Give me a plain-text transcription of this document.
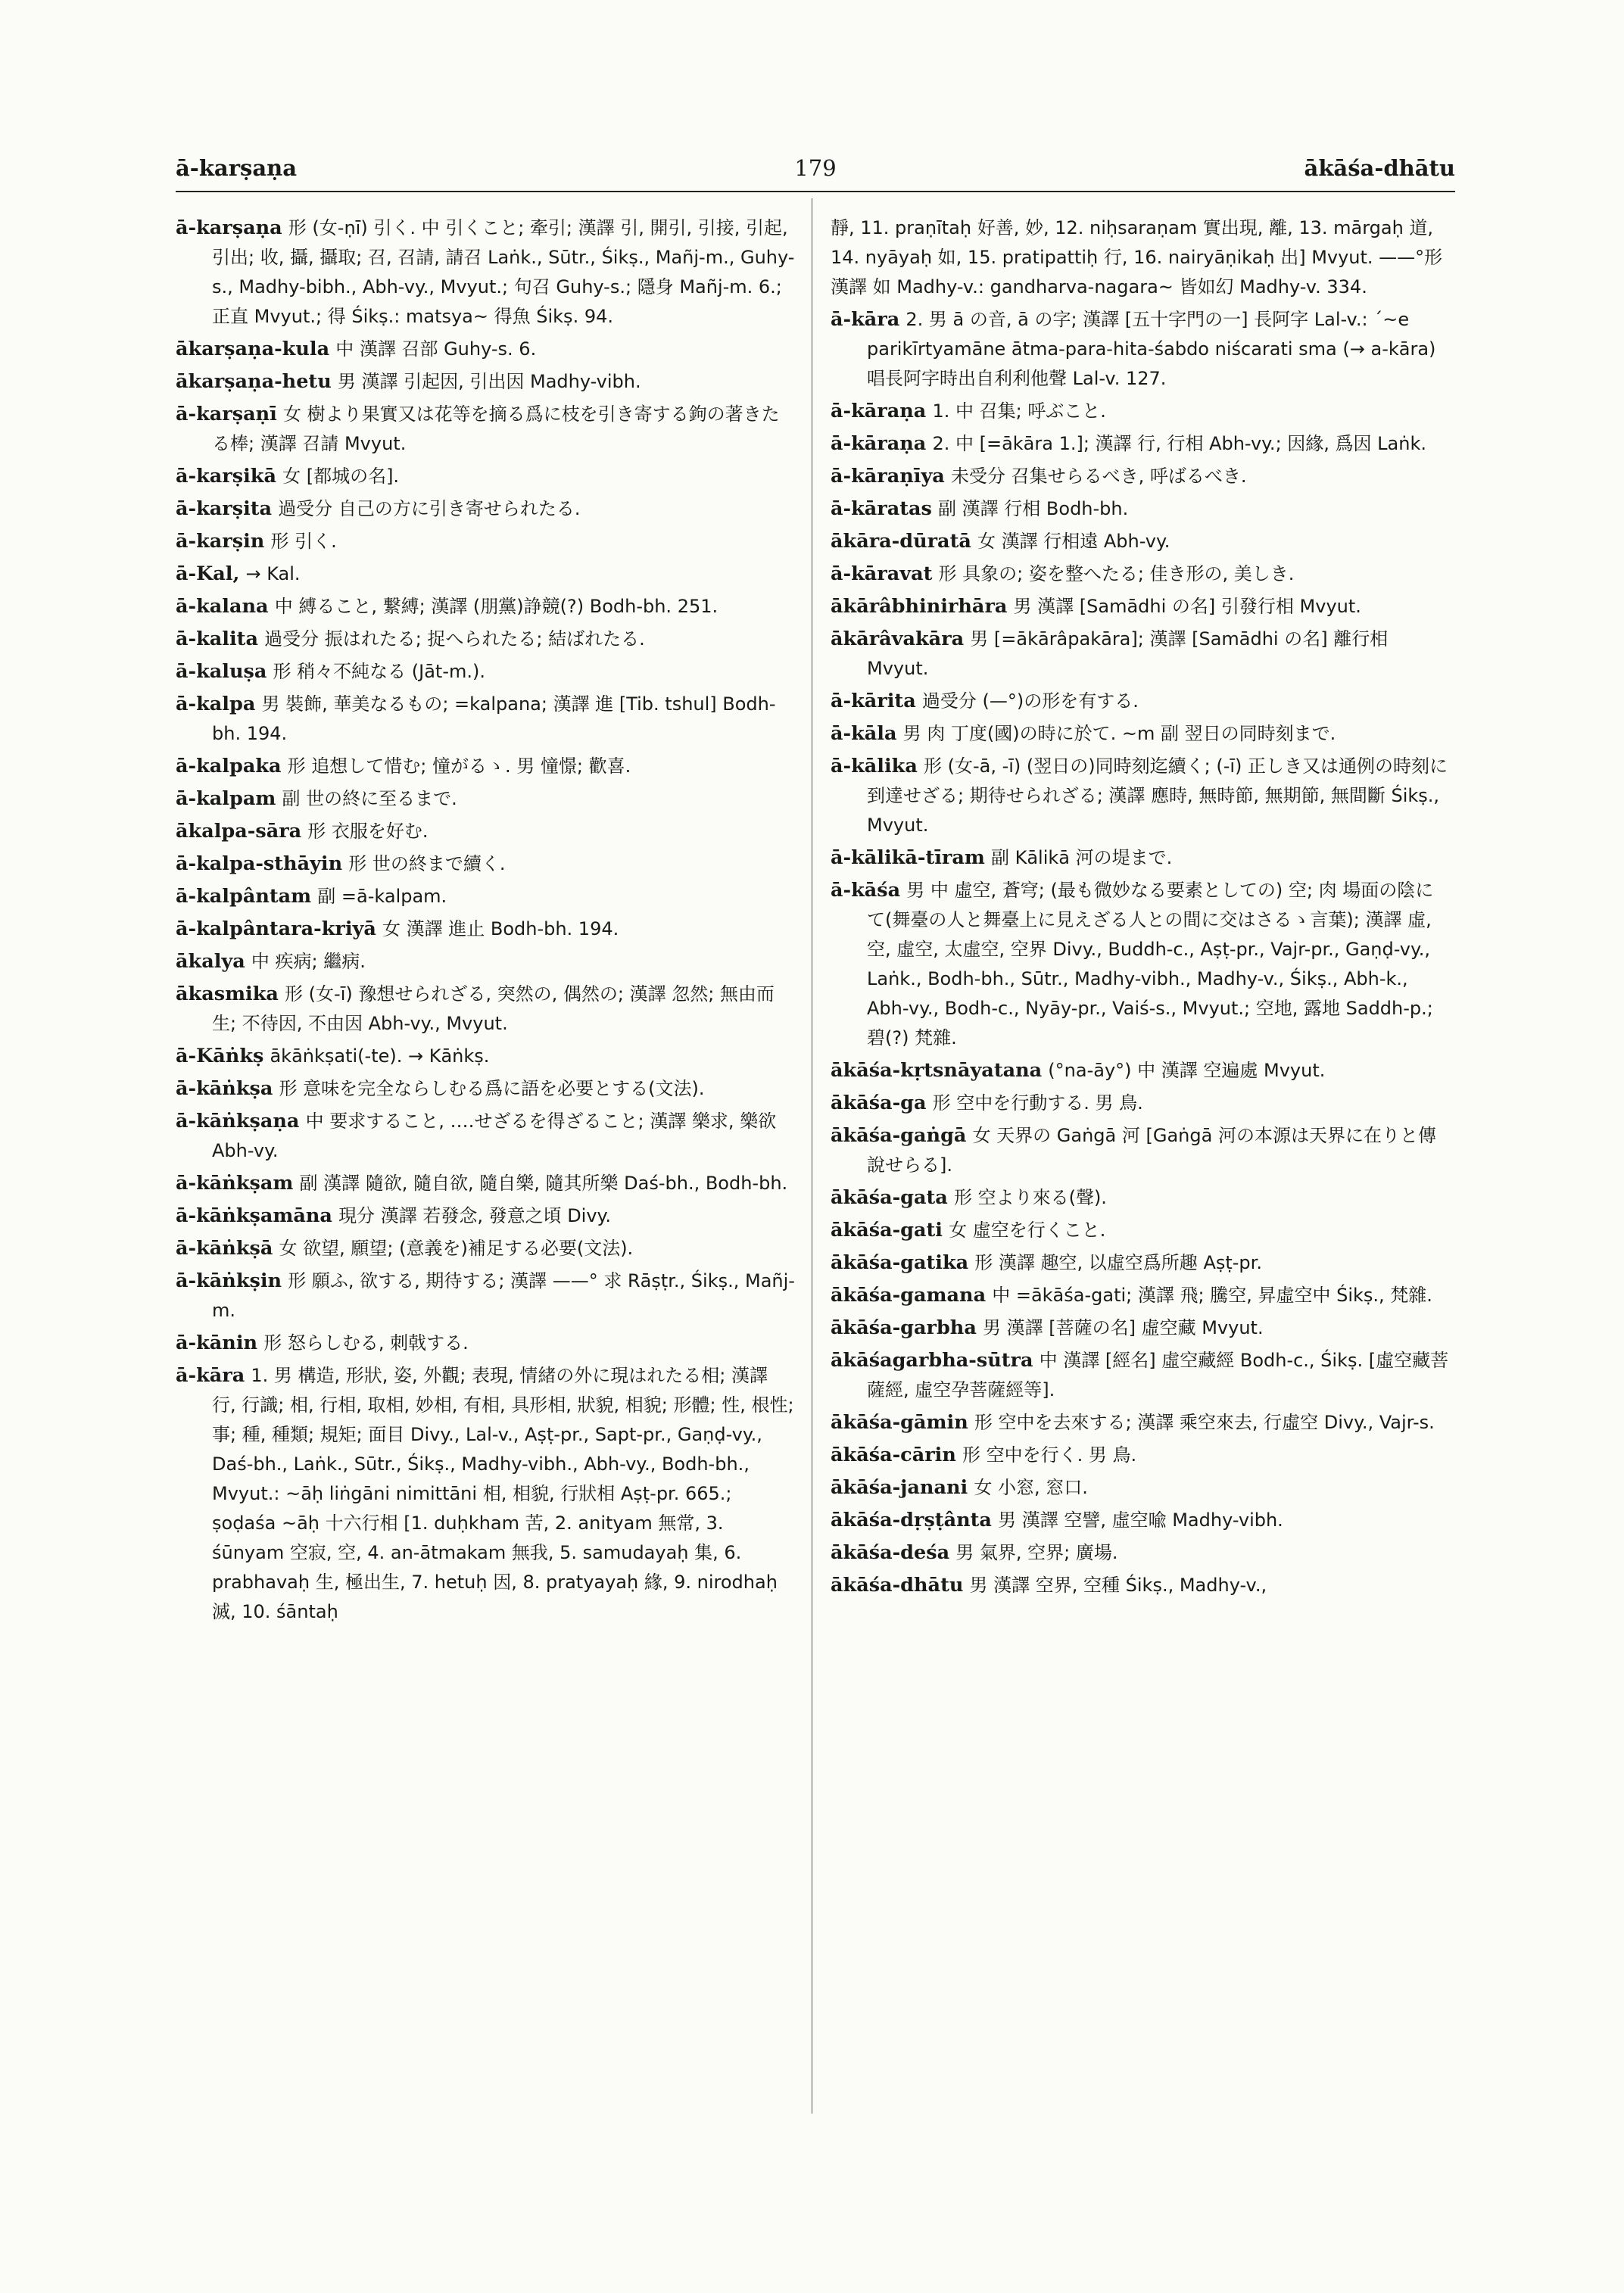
ā-karṣaṇa	179	ākāśa-dhātu

ā-karṣaṇa 形 (女-ṇī) 引く. 中 引くこと; 牽引; 漢譯 引, 開引, 引接, 引起, 引出; 收, 攝, 攝取; 召, 召請, 請召 Laṅk., Sūtr., Śikṣ., Mañj-m., Guhy-s., Madhy-bibh., Abh-vy., Mvyut.; 句召 Guhy-s.; 隱身 Mañj-m. 6.; 正直 Mvyut.; 得 Śikṣ.: matsya~ 得魚 Śikṣ. 94.

ākarṣaṇa-kula 中 漢譯 召部 Guhy-s. 6.

ākarṣaṇa-hetu 男 漢譯 引起因, 引出因 Madhy-vibh.

ā-karṣaṇī 女 樹より果實又は花等を摘る爲に枝を引き寄する鉤の著きたる棒; 漢譯 召請 Mvyut.

ā-karṣikā 女 [都城の名].

ā-karṣita 過受分 自己の方に引き寄せられたる.

ā-karṣin 形 引く.

ā-Kal, → Kal.

ā-kalana 中 縛ること, 繋縛; 漢譯 (朋黨)諍競(?) Bodh-bh. 251.

ā-kalita 過受分 振はれたる; 捉へられたる; 結ばれたる.

ā-kaluṣa 形 稍々不純なる (Jāt-m.).

ā-kalpa 男 裝飾, 華美なるもの; =kalpana; 漢譯 進 [Tib. tshul] Bodh-bh. 194.

ā-kalpaka 形 追想して惜む; 憧がるゝ. 男 憧憬; 歡喜.

ā-kalpam 副 世の終に至るまで.

ākalpa-sāra 形 衣服を好む.

ā-kalpa-sthāyin 形 世の終まで續く.

ā-kalpântam 副 =ā-kalpam.

ā-kalpântara-kriyā 女 漢譯 進止 Bodh-bh. 194.

ākalya 中 疾病; 繼病.

ākasmika 形 (女-ī) 豫想せられざる, 突然の, 偶然の; 漢譯 忽然; 無由而生; 不待因, 不由因 Abh-vy., Mvyut.

ā-Kāṅkṣ ākāṅkṣati(-te). → Kāṅkṣ.

ā-kāṅkṣa 形 意味を完全ならしむる爲に語を必要とする(文法).

ā-kāṅkṣaṇa 中 要求すること, ‥‥せざるを得ざること; 漢譯 樂求, 樂欲 Abh-vy.

ā-kāṅkṣam 副 漢譯 隨欲, 隨自欲, 隨自樂, 隨其所樂 Daś-bh., Bodh-bh.

ā-kāṅkṣamāna 現分 漢譯 若發念, 發意之頃 Divy.

ā-kāṅkṣā 女 欲望, 願望; (意義を)補足する必要(文法).

ā-kāṅkṣin 形 願ふ, 欲する, 期待する; 漢譯 ——° 求 Rāṣṭr., Śikṣ., Mañj-m.

ā-kānin 形 怒らしむる, 刺戟する.

ā-kāra 1. 男 構造, 形狀, 姿, 外觀; 表現, 情緒の外に現はれたる相; 漢譯 行, 行識; 相, 行相, 取相, 妙相, 有相, 具形相, 狀貌, 相貌; 形體; 性, 根性; 事; 種, 種類; 規矩; 面目 Divy., Lal-v., Aṣṭ-pr., Sapt-pr., Gaṇḍ-vy., Daś-bh., Laṅk., Sūtr., Śikṣ., Madhy-vibh., Abh-vy., Bodh-bh., Mvyut.: ~āḥ liṅgāni nimittāni 相, 相貌, 行狀相 Aṣṭ-pr. 665.; ṣoḍaśa ~āḥ 十六行相 [1. duḥkham 苦, 2. anityam 無常, 3. śūnyam 空寂, 空, 4. an-ātmakam 無我, 5. samudayaḥ 集, 6. prabhavaḥ 生, 極出生, 7. hetuḥ 因, 8. pratyayaḥ 緣, 9. nirodhaḥ 滅, 10. śāntaḥ

靜, 11. praṇītaḥ 好善, 妙, 12. niḥsaraṇam 實出現, 離, 13. mārgaḥ 道, 14. nyāyaḥ 如, 15. pratipattiḥ 行, 16. nairyāṇikaḥ 出] Mvyut. ——°形 漢譯 如 Madhy-v.: gandharva-nagara~ 皆如幻 Madhy-v. 334.

ā-kāra 2. 男 ā の音, ā の字; 漢譯 [五十字門の一] 長阿字 Lal-v.: ´~e parikīrtyamāne ātma-para-hita-śabdo niścarati sma (→ a-kāra) 唱長阿字時出自利利他聲 Lal-v. 127.

ā-kāraṇa 1. 中 召集; 呼ぶこと.

ā-kāraṇa 2. 中 [=ākāra 1.]; 漢譯 行, 行相 Abh-vy.; 因緣, 爲因 Laṅk.

ā-kāraṇīya 未受分 召集せらるべき, 呼ばるべき.

ā-kāratas 副 漢譯 行相 Bodh-bh.

ākāra-dūratā 女 漢譯 行相遠 Abh-vy.

ā-kāravat 形 具象の; 姿を整へたる; 佳き形の, 美しき.

ākārâbhinirhāra 男 漢譯 [Samādhi の名] 引發行相 Mvyut.

ākārâvakāra 男 [=ākārâpakāra]; 漢譯 [Samādhi の名] 離行相 Mvyut.

ā-kārita 過受分 (—°)の形を有する.

ā-kāla 男 肉 丁度(國)の時に於て. ~m 副 翌日の同時刻まで.

ā-kālika 形 (女-ā, -ī) (翌日の)同時刻迄續く; (-ī) 正しき又は通例の時刻に到達せざる; 期待せられざる; 漢譯 應時, 無時節, 無期節, 無間斷 Śikṣ., Mvyut.

ā-kālikā-tīram 副 Kālikā 河の堤まで.

ā-kāśa 男 中 虛空, 蒼穹; (最も微妙なる要素としての) 空; 肉 場面の陰にて(舞臺の人と舞臺上に見えざる人との間に交はさるゝ言葉); 漢譯 虛, 空, 虛空, 太虛空, 空界 Divy., Buddh-c., Aṣṭ-pr., Vajr-pr., Gaṇḍ-vy., Laṅk., Bodh-bh., Sūtr., Madhy-vibh., Madhy-v., Śikṣ., Abh-k., Abh-vy., Bodh-c., Nyāy-pr., Vaiś-s., Mvyut.; 空地, 露地 Saddh-p.; 碧(?) 梵雜.

ākāśa-kṛtsnāyatana (°na-āy°) 中 漢譯 空遍處 Mvyut.

ākāśa-ga 形 空中を行動する. 男 鳥.

ākāśa-gaṅgā 女 天界の Gaṅgā 河 [Gaṅgā 河の本源は天界に在りと傳說せらる].

ākāśa-gata 形 空より來る(聲).

ākāśa-gati 女 虛空を行くこと.

ākāśa-gatika 形 漢譯 趣空, 以虛空爲所趣 Aṣṭ-pr.

ākāśa-gamana 中 =ākāśa-gati; 漢譯 飛; 騰空, 昇虛空中 Śikṣ., 梵雜.

ākāśa-garbha 男 漢譯 [菩薩の名] 虛空藏 Mvyut.

ākāśagarbha-sūtra 中 漢譯 [經名] 虛空藏經 Bodh-c., Śikṣ. [虛空藏菩薩經, 虛空孕菩薩經等].

ākāśa-gāmin 形 空中を去來する; 漢譯 乘空來去, 行虛空 Divy., Vajr-s.

ākāśa-cārin 形 空中を行く. 男 鳥.

ākāśa-janani 女 小窓, 窓口.

ākāśa-dṛṣṭânta 男 漢譯 空譬, 虛空喩 Madhy-vibh.

ākāśa-deśa 男 氣界, 空界; 廣場.

ākāśa-dhātu 男 漢譯 空界, 空種 Śikṣ., Madhy-v.,
